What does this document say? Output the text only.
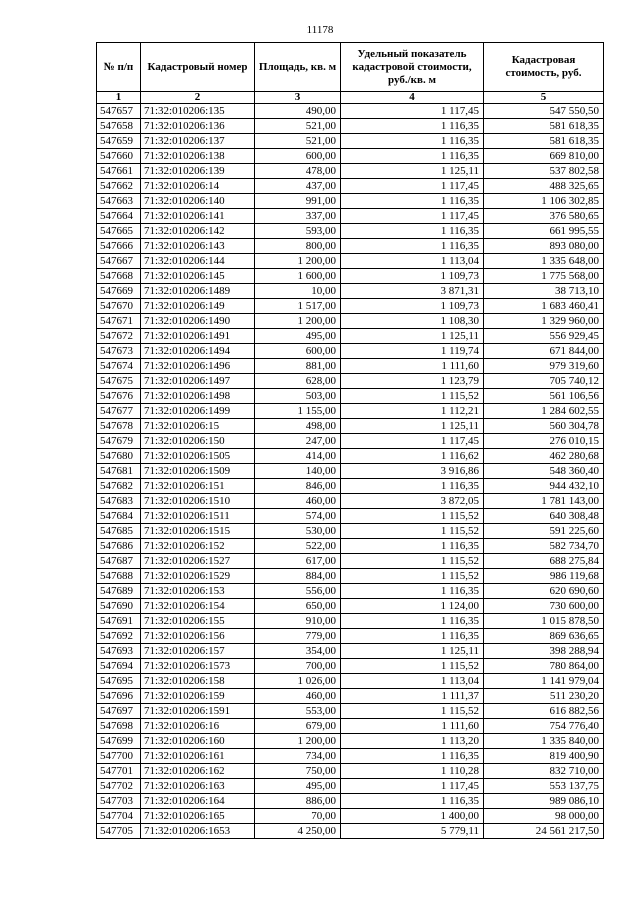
11178
№ п/п	Кадастровый номер	Площадь, кв. м	Удельный показатель кадастровой стоимости, руб./кв. м	Кадастровая стоимость, руб.
1	2	3	4	5
547657	71:32:010206:135	490,00	1 117,45	547 550,50
547658	71:32:010206:136	521,00	1 116,35	581 618,35
547659	71:32:010206:137	521,00	1 116,35	581 618,35
547660	71:32:010206:138	600,00	1 116,35	669 810,00
547661	71:32:010206:139	478,00	1 125,11	537 802,58
547662	71:32:010206:14	437,00	1 117,45	488 325,65
547663	71:32:010206:140	991,00	1 116,35	1 106 302,85
547664	71:32:010206:141	337,00	1 117,45	376 580,65
547665	71:32:010206:142	593,00	1 116,35	661 995,55
547666	71:32:010206:143	800,00	1 116,35	893 080,00
547667	71:32:010206:144	1 200,00	1 113,04	1 335 648,00
547668	71:32:010206:145	1 600,00	1 109,73	1 775 568,00
547669	71:32:010206:1489	10,00	3 871,31	38 713,10
547670	71:32:010206:149	1 517,00	1 109,73	1 683 460,41
547671	71:32:010206:1490	1 200,00	1 108,30	1 329 960,00
547672	71:32:010206:1491	495,00	1 125,11	556 929,45
547673	71:32:010206:1494	600,00	1 119,74	671 844,00
547674	71:32:010206:1496	881,00	1 111,60	979 319,60
547675	71:32:010206:1497	628,00	1 123,79	705 740,12
547676	71:32:010206:1498	503,00	1 115,52	561 106,56
547677	71:32:010206:1499	1 155,00	1 112,21	1 284 602,55
547678	71:32:010206:15	498,00	1 125,11	560 304,78
547679	71:32:010206:150	247,00	1 117,45	276 010,15
547680	71:32:010206:1505	414,00	1 116,62	462 280,68
547681	71:32:010206:1509	140,00	3 916,86	548 360,40
547682	71:32:010206:151	846,00	1 116,35	944 432,10
547683	71:32:010206:1510	460,00	3 872,05	1 781 143,00
547684	71:32:010206:1511	574,00	1 115,52	640 308,48
547685	71:32:010206:1515	530,00	1 115,52	591 225,60
547686	71:32:010206:152	522,00	1 116,35	582 734,70
547687	71:32:010206:1527	617,00	1 115,52	688 275,84
547688	71:32:010206:1529	884,00	1 115,52	986 119,68
547689	71:32:010206:153	556,00	1 116,35	620 690,60
547690	71:32:010206:154	650,00	1 124,00	730 600,00
547691	71:32:010206:155	910,00	1 116,35	1 015 878,50
547692	71:32:010206:156	779,00	1 116,35	869 636,65
547693	71:32:010206:157	354,00	1 125,11	398 288,94
547694	71:32:010206:1573	700,00	1 115,52	780 864,00
547695	71:32:010206:158	1 026,00	1 113,04	1 141 979,04
547696	71:32:010206:159	460,00	1 111,37	511 230,20
547697	71:32:010206:1591	553,00	1 115,52	616 882,56
547698	71:32:010206:16	679,00	1 111,60	754 776,40
547699	71:32:010206:160	1 200,00	1 113,20	1 335 840,00
547700	71:32:010206:161	734,00	1 116,35	819 400,90
547701	71:32:010206:162	750,00	1 110,28	832 710,00
547702	71:32:010206:163	495,00	1 117,45	553 137,75
547703	71:32:010206:164	886,00	1 116,35	989 086,10
547704	71:32:010206:165	70,00	1 400,00	98 000,00
547705	71:32:010206:1653	4 250,00	5 779,11	24 561 217,50
